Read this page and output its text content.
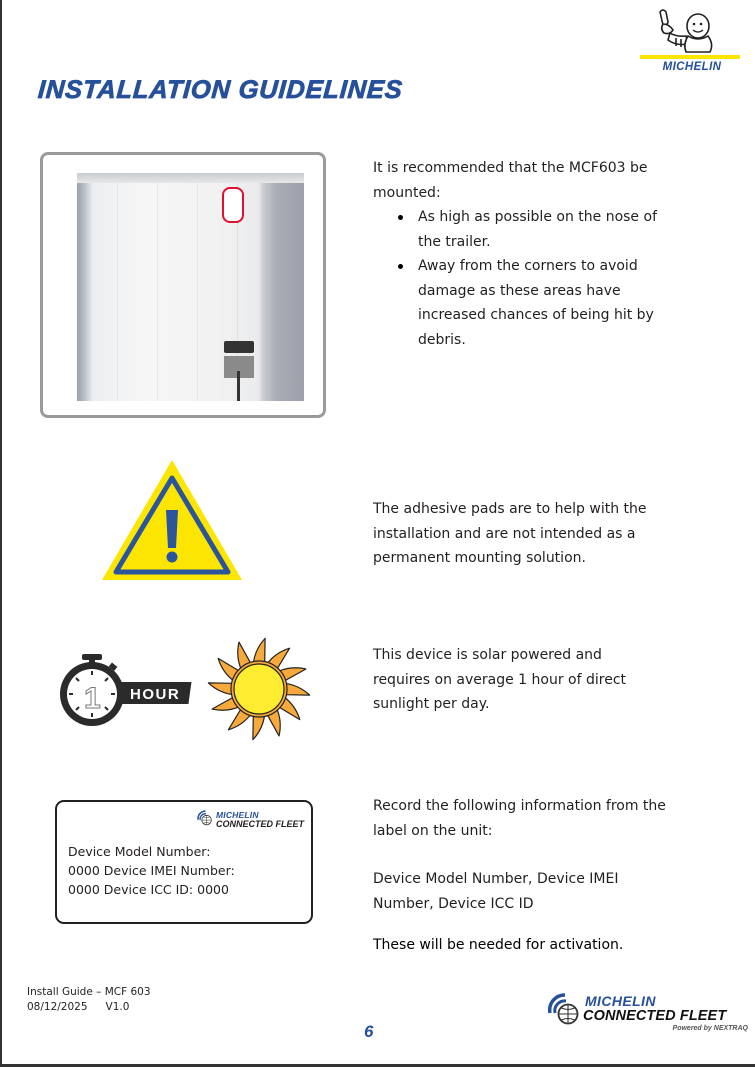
MICHELIN
INSTALLATION GUIDELINES

It is recommended that the MCF603 be mounted:

As high as possible on the nose of the trailer.
Away from the corners to avoid damage as these areas have increased chances of being hit by debris.
The adhesive pads are to help with the installation and are not intended as a permanent mounting solution.
HOUR
1
This device is solar powered and requires on average 1 hour of direct sunlight per day.
MICHELIN
CONNECTED FLEET
Device Model Number:
0000 Device IMEI Number:
0000 Device ICC ID: 0000

Record the following information from the label on the unit:

Device Model Number, Device IMEI Number, Device ICC ID

These will be needed for activation.

Install Guide – MCF 603
08/12/2025 V1.0
6
MICHELIN
CONNECTED FLEET
Powered by NEXTRAQ
